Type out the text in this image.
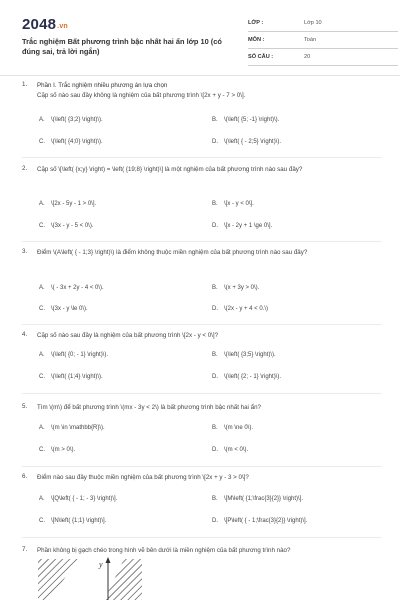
2048.vn
Trắc nghiệm Bất phương trình bậc nhất hai ẩn lớp 10 (có đúng sai, trả lời ngắn)
LỚP :	Lớp 10
MÔN :	Toán
SỐ CÂU :	20
1. Phần I. Trắc nghiệm nhiều phương án lựa chọn
Cặp số nào sau đây không là nghiệm của bất phương trình \[2x + y - 7 > 0\].
A. \(\left( {3;2} \right)\).	B. \(\left( {5; -1} \right)\).
C. \(\left( {4;0} \right)\).	D. \(\left( { - 2;5} \right)\).
2. Cặp số \[\left( {x;y} \right) = \left( {19;8} \right)\] là một nghiệm của bất phương trình nào sau đây?
A. \[2x - 5y - 1 > 0\].	B. \[x - y < 0\].
C. \(3x - y - 5 < 0\).	D. \[x - 2y + 1 \ge 0\].
3. Điểm \(A\left( { - 1;3} \right)\) là điểm không thuộc miền nghiệm của bất phương trình nào sau đây?
A. \( - 3x + 2y - 4 < 0\).	B. \(x + 3y > 0\).
C. \(3x - y \le 0\).	D. \(2x - y + 4 < 0.\)
4. Cặp số nào sau đây là nghiệm của bất phương trình \[2x - y < 0\]?
A. \(\left( {0; - 1} \right)\).	B. \(\left( {3;5} \right)\).
C. \(\left( {1;4} \right)\).	D. \(\left( {2; - 1} \right)\).
5. Tìm \(m\) để bất phương trình \(mx - 3y < 2\) là bất phương trình bậc nhất hai ẩn?
A. \(m \in \mathbb{R}\).	B. \(m \ne 0\).
C. \(m > 0\).	D. \(m < 0\).
6. Điểm nào sau đây thuộc miền nghiệm của bất phương trình \[2x + y - 3 > 0\]?
A. \[Q\left( { - 1; - 3} \right)\].	B. \[M\left( {1;\frac{3}{2}} \right)\].
C. \[N\left( {1;1} \right)\].	D. \[P\left( { - 1;\frac{3}{2}} \right)\].
7. Phần không bị gạch chéo trong hình vẽ bên dưới là miền nghiệm của bất phương trình nào?
y
